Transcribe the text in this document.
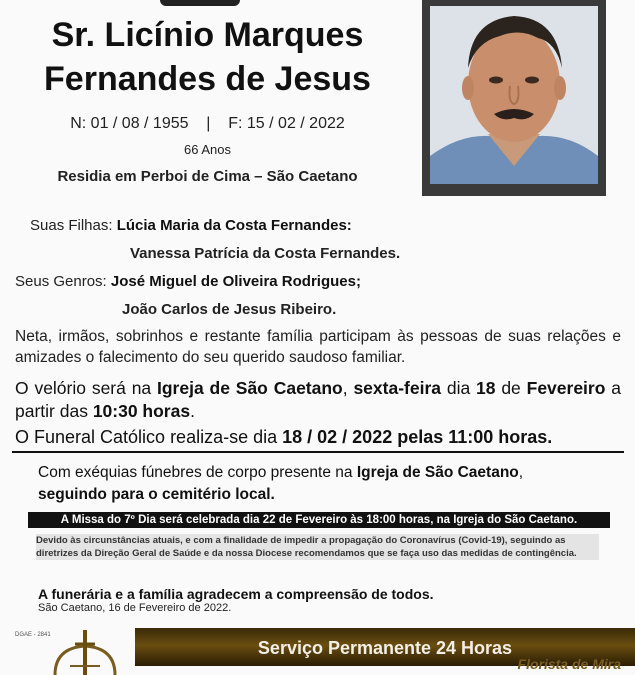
Sr. Licínio Marques
Fernandes de Jesus
N: 01 / 08 / 1955    |    F: 15 / 02 / 2022
66 Anos
Residia em Perboi de Cima – São Caetano
Suas Filhas: Lúcia Maria da Costa Fernandes:
Vanessa Patrícia da Costa Fernandes.
Seus Genros: José Miguel de Oliveira Rodrigues;
João Carlos de Jesus Ribeiro.
Neta, irmãos, sobrinhos e restante família participam às pessoas de suas relações e amizades o falecimento do seu querido saudoso familiar.
O velório será na Igreja de São Caetano, sexta-feira dia 18 de Fevereiro a partir das 10:30 horas.
O Funeral Católico realiza-se dia 18 / 02 / 2022 pelas 11:00 horas.
Com exéquias fúnebres de corpo presente na Igreja de São Caetano,
seguindo para o cemitério local.
A Missa do 7º Dia será celebrada dia 22 de Fevereiro às 18:00 horas, na Igreja do São Caetano.
Devido às circunstâncias atuais, e com a finalidade de impedir a propagação do Coronavírus (Covid-19), seguindo as diretrizes da Direção Geral de Saúde e da nossa Diocese recomendamos que se faça uso das medidas de contingência.
A funerária e a família agradecem a compreensão de todos.
São Caetano, 16 de Fevereiro de 2022.
DGAE - 2841
Serviço Permanente 24 Horas
Florista de Mira
